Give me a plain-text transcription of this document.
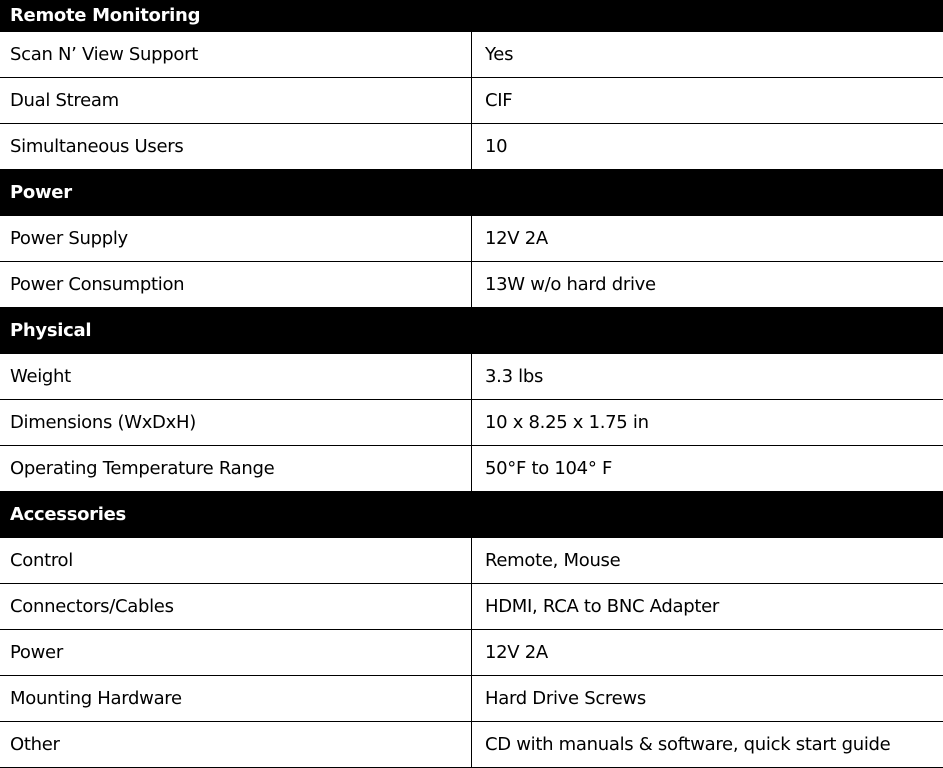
Remote Monitoring	
Scan N’ View Support	Yes
Dual Stream	CIF
Simultaneous Users	10
Power	
Power Supply	12V 2A
Power Consumption	13W w/o hard drive
Physical	
Weight	3.3 lbs
Dimensions (WxDxH)	10 x 8.25 x 1.75 in
Operating Temperature Range	50°F to 104° F
Accessories	
Control	Remote, Mouse
Connectors/Cables	HDMI, RCA to BNC Adapter
Power	12V 2A
Mounting Hardware	Hard Drive Screws
Other	CD with manuals & software, quick start guide
